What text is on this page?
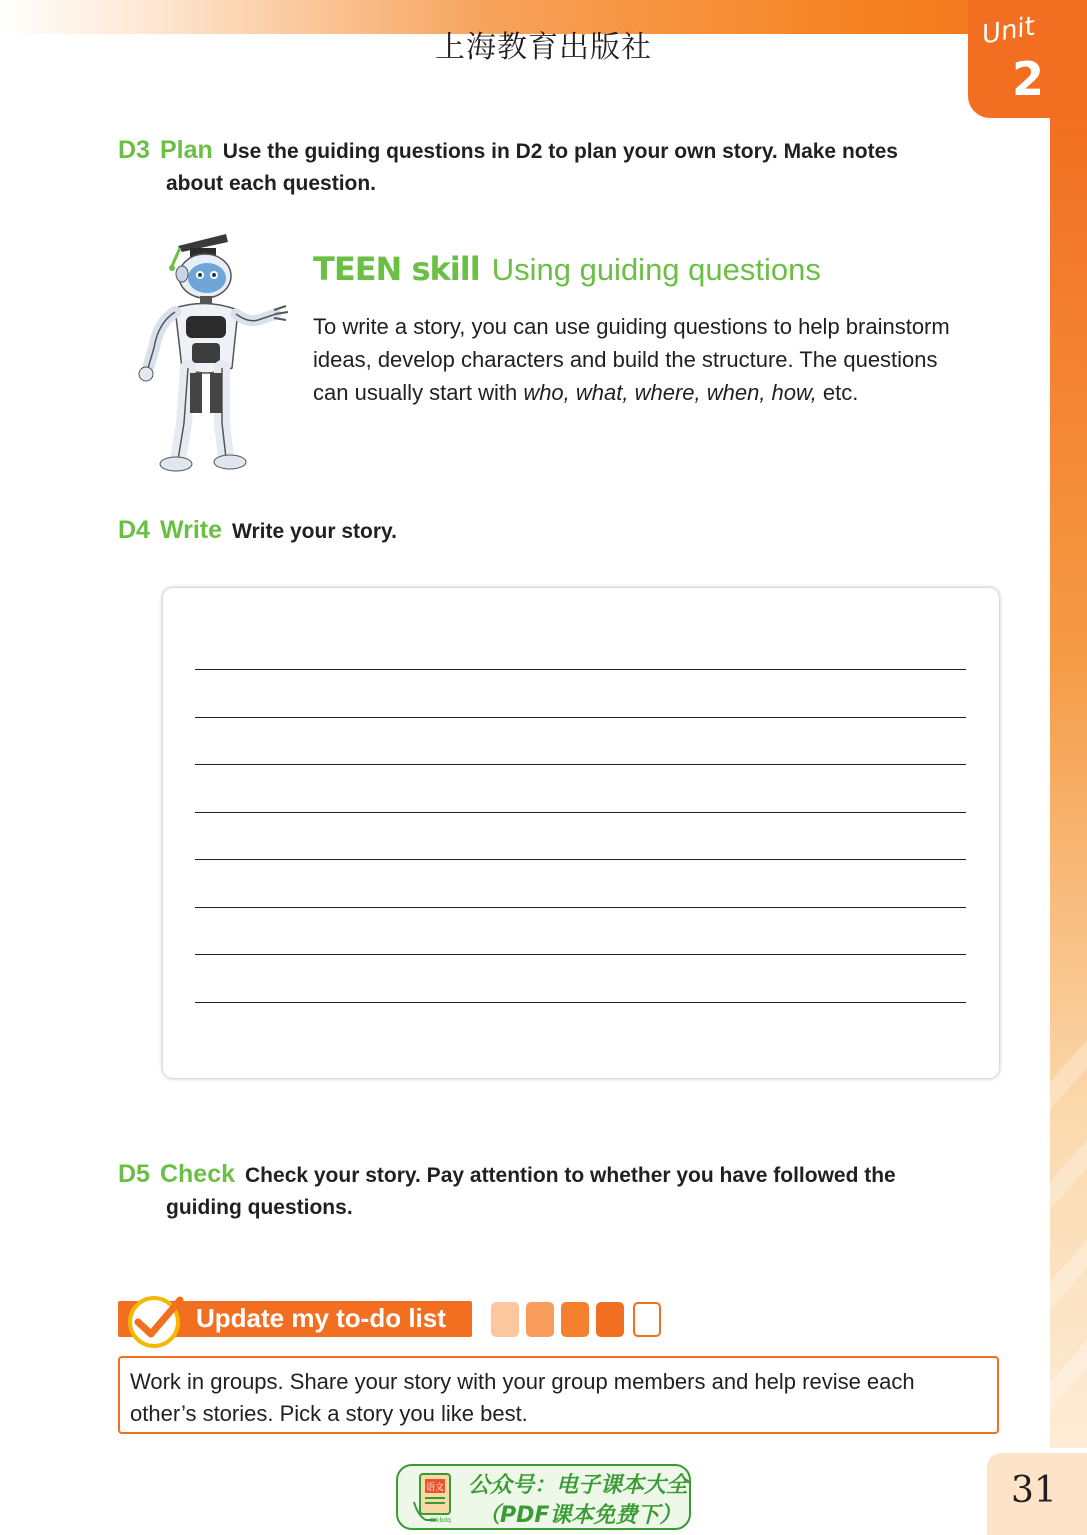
上海教育出版社	Unit
2
D3 Plan Use the guiding questions in D2 to plan your own story. Make notes
about each question.
TEEN skill Using guiding questions
To write a story, you can use guiding questions to help brainstorm ideas, develop characters and build the structure. The questions can usually start with who, what, where, when, how, etc.
D4 Write Write your story.
D5 Check Check your story. Pay attention to whether you have followed the
guiding questions.
Update my to-do list
Work in groups. Share your story with your group members and help revise each other’s stories. Pick a story you like best.
语文
dzkbdq
公众号：电子课本大全
（PDF课本免费下）
31
